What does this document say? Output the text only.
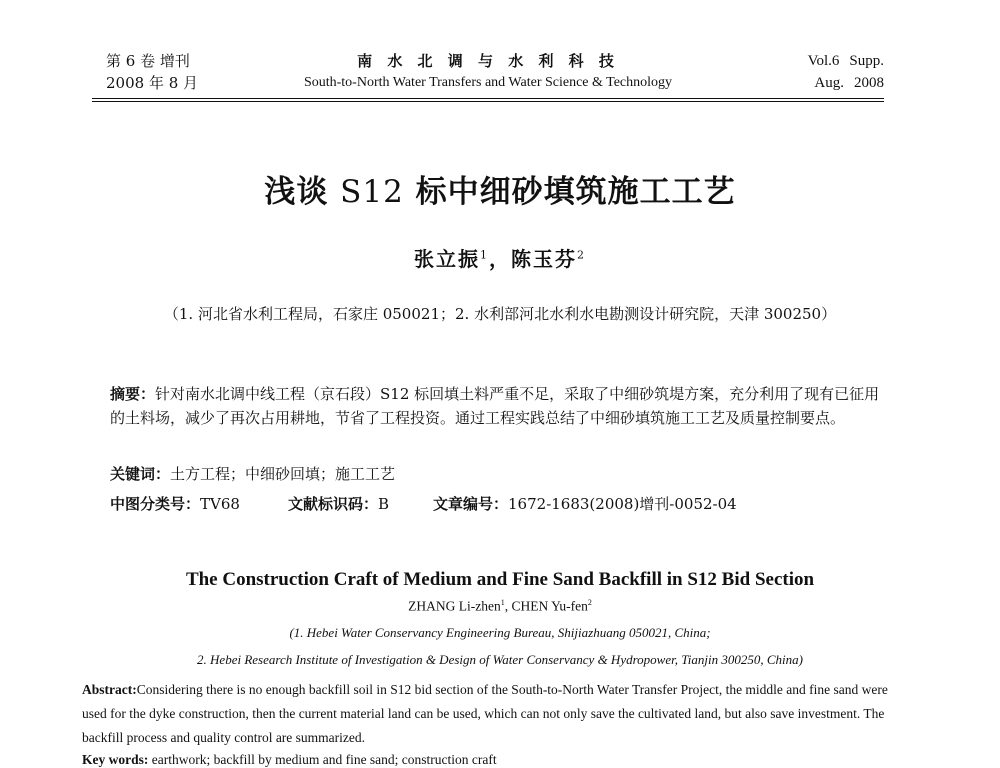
第 6 卷 增刊
2008 年 8 月
南 水 北 调 与 水 利 科 技
South-to-North Water Transfers and Water Science & Technology
Vol.6 Supp.
Aug. 2008
浅谈 S12 标中细砂填筑施工工艺
张立振$^1$，陈玉芬$^2$
（1. 河北省水利工程局，石家庄 050021；2. 水利部河北水利水电勘测设计研究院，天津 300250）
摘要：针对南水北调中线工程（京石段）S12 标回填土料严重不足，采取了中细砂筑堤方案，充分利用了现有已征用的土料场，减少了再次占用耕地，节省了工程投资。通过工程实践总结了中细砂填筑施工工艺及质量控制要点。
关键词：土方工程；中细砂回填；施工工艺
中图分类号：TV68	文献标识码：B	文章编号：1672-1683(2008)增刊-0052-04
The Construction Craft of Medium and Fine Sand Backfill in S12 Bid Section
ZHANG Li-zhen$^1$, CHEN Yu-fen$^2$
(1. Hebei Water Conservancy Engineering Bureau, Shijiazhuang 050021, China;
2. Hebei Research Institute of Investigation & Design of Water Conservancy & Hydropower, Tianjin 300250, China)
Abstract:Considering there is no enough backfill soil in S12 bid section of the South-to-North Water Transfer Project, the middle and fine sand were used for the dyke construction, then the current material land can be used, which can not only save the cultivated land, but also save investment. The backfill process and quality control are summarized.
Key words: earthwork; backfill by medium and fine sand; construction craft
